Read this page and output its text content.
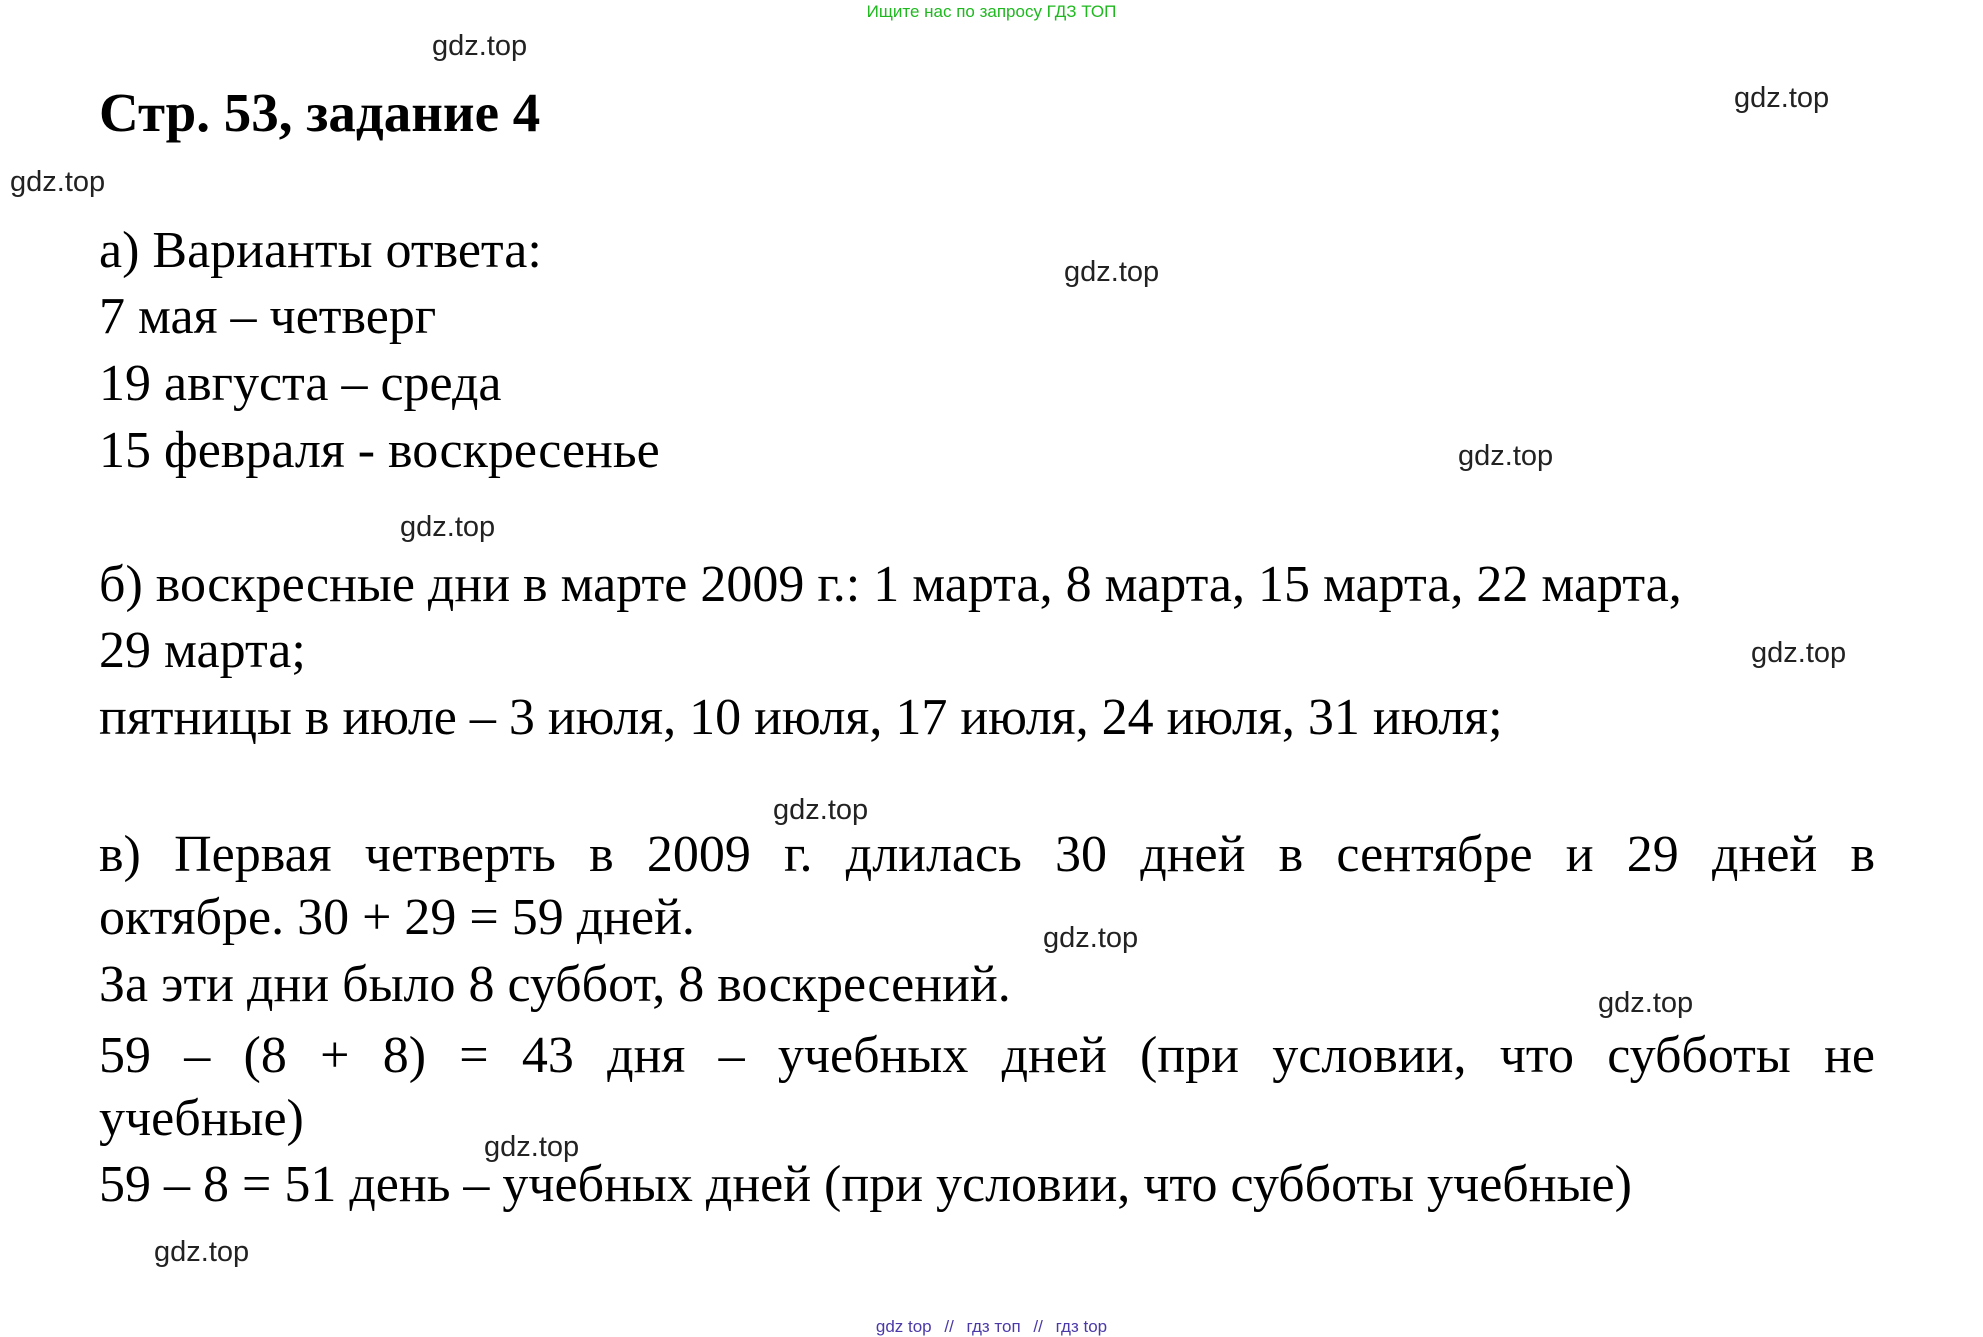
Ищите нас по запросу ГДЗ ТОП
gdz.top
gdz.top
gdz.top
gdz.top
gdz.top
gdz.top
gdz.top
gdz.top
gdz.top
gdz.top
gdz.top
gdz.top
Стр. 53, задание 4
а) Варианты ответа:
7 мая – четверг
19 августа – среда
15 февраля - воскресенье
б) воскресные дни в марте 2009 г.: 1 марта, 8 марта, 15 марта, 22 марта,
29 марта;
пятницы в июле – 3 июля, 10 июля, 17 июля, 24 июля, 31 июля;
в) Первая четверть в 2009 г. длилась 30 дней в сентябре и 29 дней в
октябре. 30 + 29 = 59 дней.
За эти дни было 8 суббот, 8 воскресений.
59 – (8 + 8) = 43 дня – учебных дней (при условии, что субботы не
учебные)
59 – 8 = 51 день – учебных дней (при условии, что субботы учебные)
gdz top // гдз топ // гдз top
